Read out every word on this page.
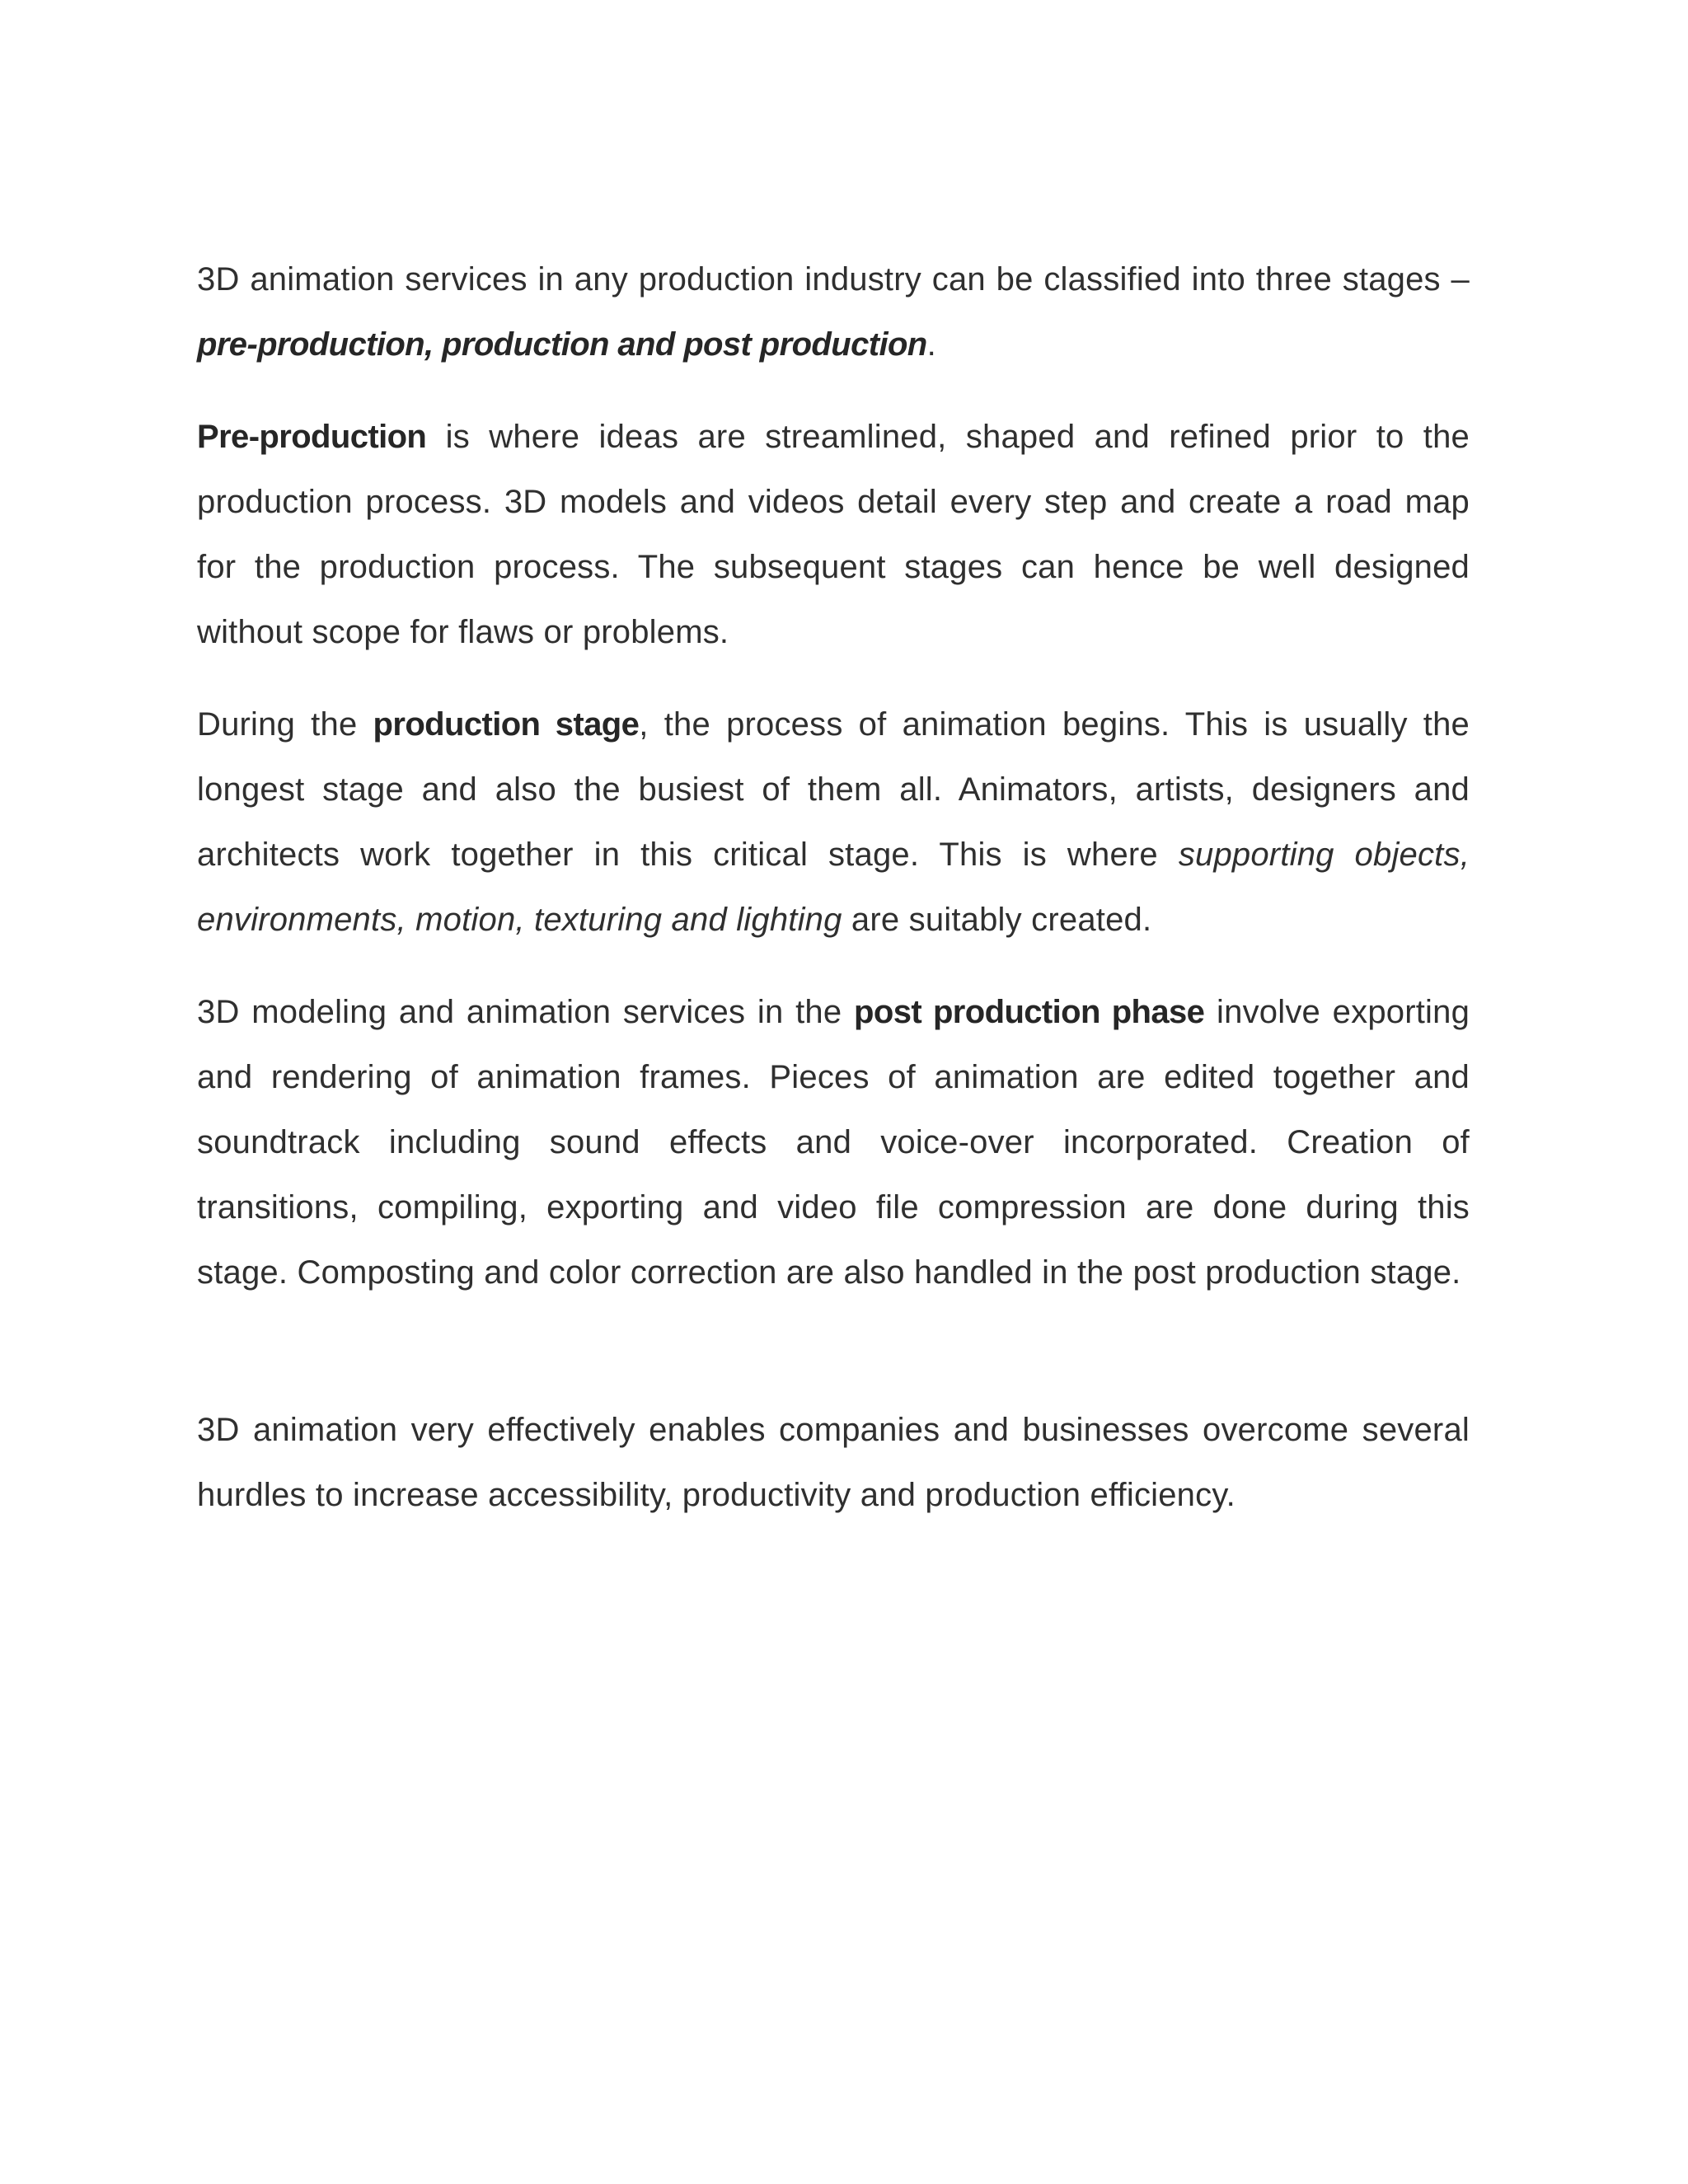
3D animation services in any production industry can be classified into three stages – pre-production, production and post production.

Pre-production is where ideas are streamlined, shaped and refined prior to the production process. 3D models and videos detail every step and create a road map for the production process. The subsequent stages can hence be well designed without scope for flaws or problems.

During the production stage, the process of animation begins. This is usually the longest stage and also the busiest of them all. Animators, artists, designers and architects work together in this critical stage. This is where supporting objects, environments, motion, texturing and lighting are suitably created.

3D modeling and animation services in the post production phase involve exporting and rendering of animation frames. Pieces of animation are edited together and soundtrack including sound effects and voice-over incorporated. Creation of transitions, compiling, exporting and video file compression are done during this stage. Composting and color correction are also handled in the post production stage.

3D animation very effectively enables companies and businesses overcome several hurdles to increase accessibility, productivity and production efficiency.
